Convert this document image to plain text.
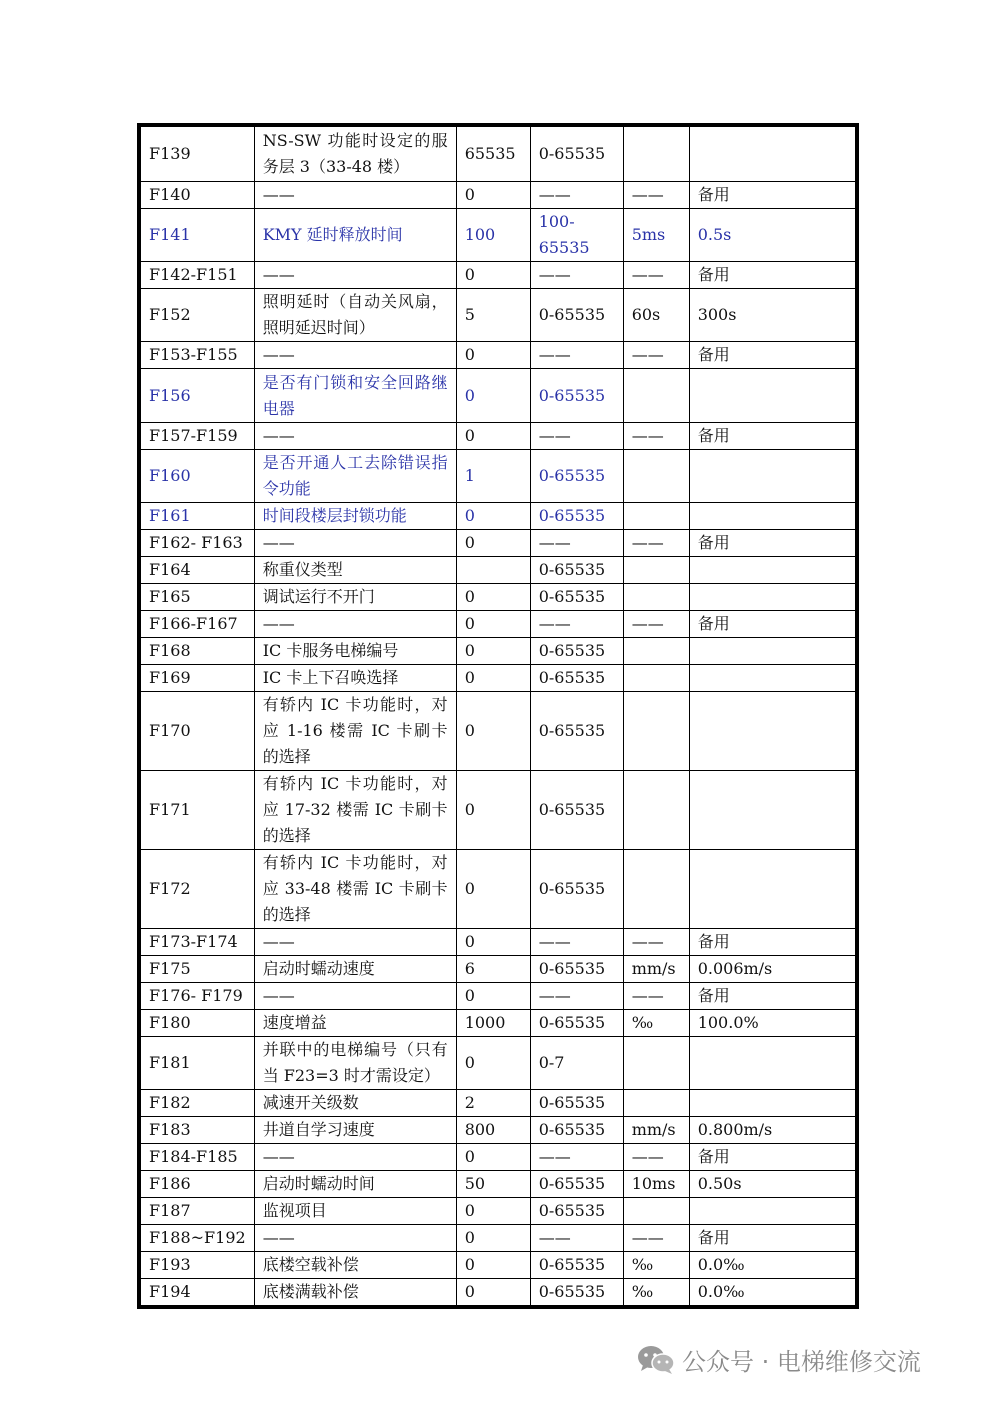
F139	NS-SW 功能时设定的服务层 3（33-48 楼）	65535	0-65535		
F140	——	0	——	——	备用
F141	KMY 延时释放时间	100	100-65535	5ms	0.5s
F142-F151	——	0	——	——	备用
F152	照明延时（自动关风扇，照明延迟时间）	5	0-65535	60s	300s
F153-F155	——	0	——	——	备用
F156	是否有门锁和安全回路继电器	0	0-65535		
F157-F159	——	0	——	——	备用
F160	是否开通人工去除错误指令功能	1	0-65535		
F161	时间段楼层封锁功能	0	0-65535		
F162- F163	——	0	——	——	备用
F164	称重仪类型		0-65535		
F165	调试运行不开门	0	0-65535		
F166-F167	——	0	——	——	备用
F168	IC 卡服务电梯编号	0	0-65535		
F169	IC 卡上下召唤选择	0	0-65535		
F170	有轿内 IC 卡功能时，对应 1-16 楼需 IC 卡刷卡的选择	0	0-65535		
F171	有轿内 IC 卡功能时，对应 17-32 楼需 IC 卡刷卡的选择	0	0-65535		
F172	有轿内 IC 卡功能时，对应 33-48 楼需 IC 卡刷卡的选择	0	0-65535		
F173-F174	——	0	——	——	备用
F175	启动时蠕动速度	6	0-65535	mm/s	0.006m/s
F176- F179	——	0	——	——	备用
F180	速度增益	1000	0-65535	‰	100.0%
F181	并联中的电梯编号（只有当 F23=3 时才需设定）	0	0-7		
F182	减速开关级数	2	0-65535		
F183	井道自学习速度	800	0-65535	mm/s	0.800m/s
F184-F185	——	0	——	——	备用
F186	启动时蠕动时间	50	0-65535	10ms	0.50s
F187	监视项目	0	0-65535		
F188~F192	——	0	——	——	备用
F193	底楼空载补偿	0	0-65535	‰	0.0‰
F194	底楼满载补偿	0	0-65535	‰	0.0‰
公众号 · 电梯维修交流
